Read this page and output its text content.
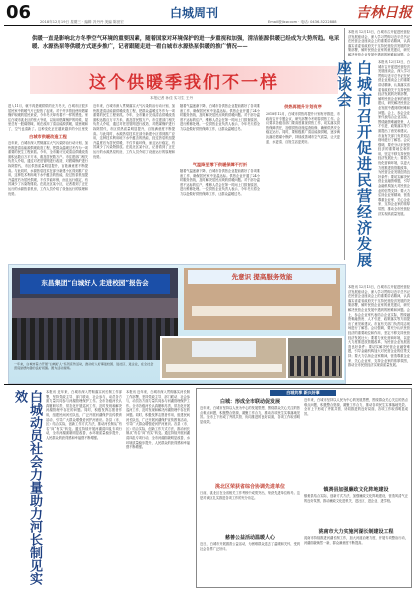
06	白城周刊
2018年12月19日 星期三 · 编辑 冯丹丹 美编 陈世宏	Email@jlxw.com · 电话: 0436-5222888
吉林日报
供暖一直是影响北方冬季空气环境的重要因素，随着国家对环境保护的进一步重视和加强，清洁能源供暖已经成为大势所趋。电采暖、水源热泵等供暖方式逐步推广，记者跟随走进一看白城市水源热泵供暖的推广情况——
这个供暖季我们不一样
本报记者 孙佳 实习生 王丹
进入11月，就不再是暖烘烘的北方冬天，白城市区很多居民家中的暖气片已经热了起来。对于许多曾经使用燃煤锅炉取暖的居民来说，今年冬天却有着不一样的感受。家住白城市洮北区的张大爷说，以前用燃煤锅炉的时候，屋里总有一股煤烟味，现在改用了清洁能源供暖，屋里暖和了，空气也清新了。这种变化正在越来越多的小区里发
白城市供暖改造工程
近年来，白城市深入贯彻落实大气污染防治行动计划，加快推进清洁能源供暖改造工程，把群众温暖过冬作为一项重要的民生工程来抓。今年，全市累计完成清洁供暖改造面积达数百万平方米，惠及居民数万户。市住建部门相关负责人介绍，通过对老旧管网进行改造、对燃煤锅炉进行拆除替代，市区供热质量明显提升，百姓满意度不断提高。与此同时，水源热泵技术在部分新建小区得到推广应用，这种技术利用地下水中蕴含的热能，经过热泵机组提升温度后为居民供暖，不仅节能环保，而且运行稳定，有效减少了污染物排放。在洮北区某小区，记者看到了正在运行的水源热泵机房，工作人员介绍了设备运行的原理和优势。
近年来，白城市深入贯彻落实大气污染防治行动计划，加快推进清洁能源供暖改造工程，把群众温暖过冬作为一项重要的民生工程来抓。今年，全市累计完成清洁供暖改造面积达数百万平方米，惠及居民数万户。市住建部门相关负责人介绍，通过对老旧管网进行改造、对燃煤锅炉进行拆除替代，市区供热质量明显提升，百姓满意度不断提高。与此同时，水源热泵技术在部分新建小区得到推广应用，这种技术利用地下水中蕴含的热能，经过热泵机组提升温度后为居民供暖，不仅节能环保，而且运行稳定，有效减少了污染物排放。在洮北区某小区，记者看到了正在运行的水源热泵机房，工作人员介绍了设备运行的原理和优势。
随着气温逐渐下降，白城市各供热企业提前做好了各项准备工作，确保居民家中室温达标。供热企业开通了24小时服务热线，及时解决居民反映的供暖问题。对于部分温度不达标的住户，维修人员会在第一时间上门排查原因，进行维修处理。一位供热企业负责人表示，今年冬天将全力以赴做好供热保障工作，让群众温暖过冬。
气温降至零下供暖保障不打折
随着气温逐渐下降，白城市各供热企业提前做好了各项准备工作，确保居民家中室温达标。供热企业开通了24小时服务热线，及时解决居民反映的供暖问题。对于部分温度不达标的住户，维修人员会在第一时间上门排查原因，进行维修处理。一位供热企业负责人表示，今年冬天将全力以赴做好供热保障工作，让群众温暖过冬。
供热再提升计划有序
2018年12月，白城市供热再提升计划有序推进，市政府召开专题会议，研究部署今冬明春供热工作。会议要求各级各部门要高度重视供热工作，切实落实供热保障责任，加强供热设施巡查检修，确保供热安全稳定运行。同时，要积极推广清洁能源供暖，逐步淘汰落后燃煤小锅炉，持续改善城市空气质量，让天更蓝、水更清、百姓生活更美好。
本报讯 12月13日，白城市召开促进民营经济发展座谈会，深入学习贯彻习近平总书记在民营企业座谈会上的重要讲话精神，认真落实省委省政府关于支持民营经济发展的决策部署，倾听民营企业家的意见建议，研究解决民营企业发展中遇到的困难和问题。会
白城市召开促进民营经济发展座谈会	本报讯 12月13日，白城市召开促进民营经济发展座谈会，深入学习贯彻习近平总书记在民营企业座谈会上的重要讲话精神，认真落实省委省政府关于支持民营经济发展的决策部署，倾听民营企业家的意见建议，研究解决民营企业发展中遇到的困难和问题。会上，参会企业家代表结合企业实际，围绕融资难融资贵、人才引进、政策落实等方面提出了意见和建议。市直有关部门负责同志现场进行了解答。会议强调，要充分认识民营经济的重要地位和作用，坚定不移支持民营经济发展壮大；要着力优化营商环境，以更大力度推进放管服改革，为民营企业发展创造良好条件；要切实解决民营企业融资难题，引导金融机构加大对民营企业的信贷支持；要大力弘扬企业家精神，营造尊重企业家、关心企业家、支持企业家的浓厚氛围，推动全市民营经济实现高质量发展。
本报讯 12月13日，白城市召开促进民营经济发展座谈会，深入学习贯彻习近平总书记在民营企业座谈会上的重要讲话精神，认真落实省委省政府关于支持民营经济发展的决策部署，倾听民营企业家的意见建议，研究解决民营企业发展中遇到的困难和问题。会上，参会企业家代表结合企业实际，围绕融资难融资贵、人才引进、政策落实等方面提出了意见和建议。市直有关部门负责同志现场进行了解答。会议强调，要充分认识民营经济的重要地位和作用，坚定不移支持民营经济发展壮大；要着力优化营商环境，以更大力度推进放管服改革，为民营企业发展创造良好条件；要切实解决民营企业融资难题，引导金融机构加大对民营企业的信贷支持；要大力弘扬企业家精神，营造尊重企业家、关心企业家、支持企业家的浓厚氛围，推动全市民营经济实现高质量发展。
东昌集团“白城好人 走进校园”报告会
先意识 提高服务效能
一年来，白城市着力开展“白城好人”系列宣传活动，推动好人好事进校园、进社区、进企业，在全社会营造崇德向善的良好氛围。图为活动现场。
白城动员社会力量助力河长制见实效	本报讯 近年来，白城市深入贯彻落实河长制工作部署，坚持党政主导、部门联动、社会参与，动员各方面力量共同参与河湖管理保护工作。全市各级河长认真履职尽责，常态化开展巡河工作，及时发现和解决河湖管理中存在的问题。同时，积极发挥志愿者作用，组建民间河长队伍，广泛开展河湖保护宣传教育活动，引导广大群众增强爱河护河意识。各县（市、区）结合实际，创新工作方式方法，推动河长制从“有名”向“有实”转变。通过持续开展河湖清四乱专项行动，全市河湖面貌明显改善，水环境质量稳步提升，人民群众的获得感和幸福感不断增强。
本报讯 近年来，白城市深入贯彻落实河长制工作部署，坚持党政主导、部门联动、社会参与，动员各方面力量共同参与河湖管理保护工作。全市各级河长认真履职尽责，常态化开展巡河工作，及时发现和解决河湖管理中存在的问题。同时，积极发挥志愿者作用，组建民间河长队伍，广泛开展河湖保护宣传教育活动，引导广大群众增强爱河护河意识。各县（市、区）结合实际，创新工作方式方法，推动河长制从“有名”向“有实”转变。通过持续开展河湖清四乱专项行动，全市河湖面貌明显改善，水环境质量稳步提升，人民群众的获得感和幸福感不断增强。
白城共享 新兴好事
白城：形成全市联动促发展
近年来，白城市坚持以人民为中心的发展思想，围绕群众关心关注的热点难点问题，积极整合资源，凝聚工作合力，推动各项民生实事落地见效。全市上下形成了齐抓共管、协同推进的良好局面，各项工作取得明显成效。
近年来，白城市坚持以人民为中心的发展思想，围绕群众关心关注的热点难点问题，积极整合资源，凝聚工作合力，推动各项民生实事落地见效。全市上下形成了齐抓共管、协同推进的良好局面，各项工作取得明显成效。
洮北区荣获省综合协调先进单位
日前，洮北区在全省相关工作考核中成绩突出，荣获先进单位称号。这是对该区扎实推进各项工作的充分肯定。
慈善公益活动温暖人心
近日，白城市开展慈善公益活动，为困难群众送去了温暖和关怀，受到社会各界广泛好评。
镇赉县加强廉政文化阵地建设
镇赉县结合实际，创新方式方法，加强廉政文化阵地建设，营造风清气正的良好氛围，推动廉政文化进机关、进社区、进企业、进学校。
洮南市大力实施河湖长制建设工程
洮南市持续推进河湖长制工作，加大河道治理力度，开展专项整治行动，河湖面貌焕然一新，群众满意度不断提高。
